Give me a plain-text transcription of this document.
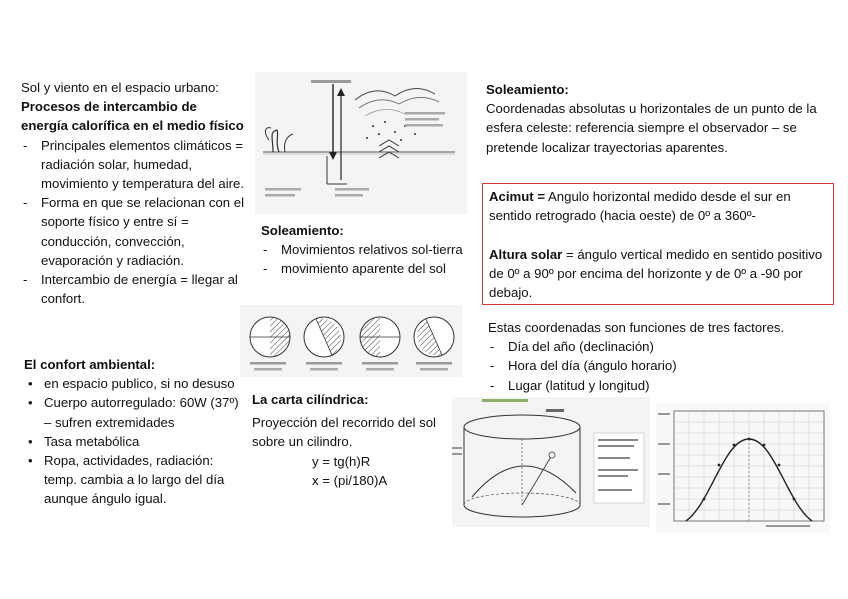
Sol y viento en el espacio urbano:
Procesos de intercambio de energía calorífica en el medio físico
- Principales elementos climáticos = radiación solar, humedad, movimiento y temperatura del aire.
- Forma en que se relacionan con el soporte físico y entre sí = conducción, convección, evaporación y radiación.
- Intercambio de energía = llegar al confort.
El confort ambiental:
• en espacio publico, si no desuso
• Cuerpo autorregulado: 60W (37º) – sufren extremidades
• Tasa metabólica
• Ropa, actividades, radiación: temp. cambia a lo largo del día aunque ángulo igual.
Soleamiento:
- Movimientos relativos sol-tierra
- movimiento aparente del sol
La carta cilíndrica:
Proyección del recorrido del sol sobre un cilindro.
y = tg(h)R
x = (pi/180)A
Soleamiento:
Coordenadas absolutas u horizontales de un punto de la esfera celeste: referencia siempre el observador – se pretende localizar trayectorias aparentes.
Acimut = Angulo horizontal medido desde el sur en sentido retrogrado (hacia oeste) de 0º a 360º-
Altura solar = ángulo vertical medido en sentido positivo de 0º a 90º por encima del horizonte y de 0º a -90 por debajo.
Estas coordenadas son funciones de tres factores.
- Día del año (declinación)
- Hora del día (ángulo horario)
- Lugar (latitud y longitud)
